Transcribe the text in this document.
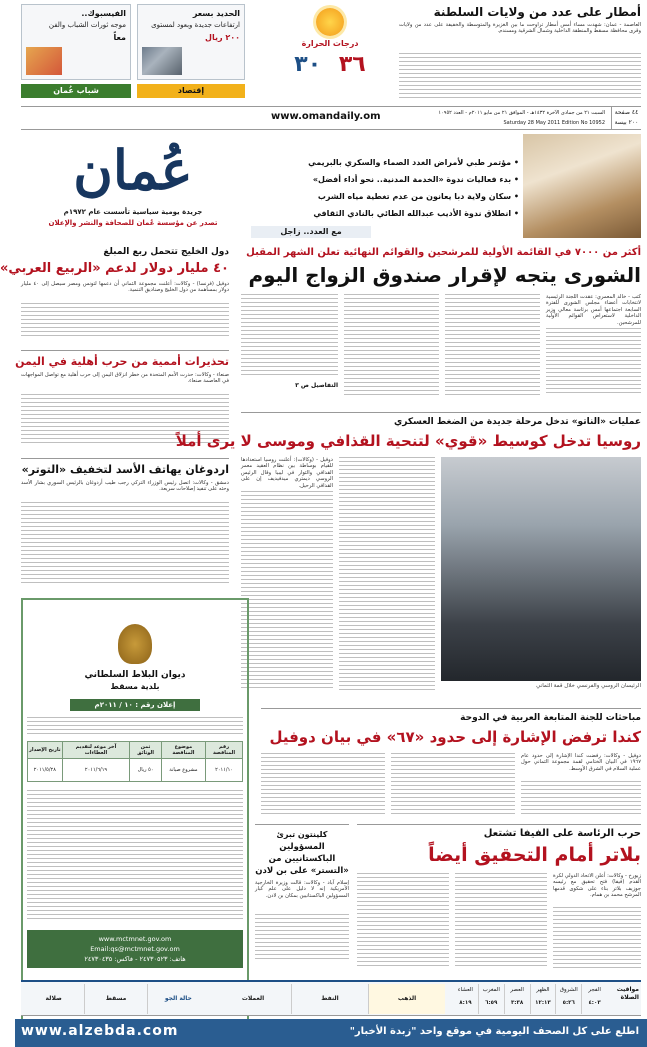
أمطار على عدد من ولايات السلطنة
العاصمة - عمان: شهدت مساء أمس أمطار تراوحت ما بين الغزيرة والمتوسطة والخفيفة على عدد من ولايات وقرى محافظة مسقط والمنطقة الداخلية وشمال الشرقية ومسندم.
درجات الحرارة
٣٦ ٣٠
الحديد بسعر
ارتفاعات جديدة وبعود لمستوى
٢٠٠ ريال
الفيسبوك..
موجه ثورات الشباب والفن
معاً
إقتصاد
شباب عُمان
٤٤ صفحة
٢٠٠ بيسة
السبت ٢١ من جمادى الآخرة ١٤٣٢هـ - الموافق ٢١ من مايو ٢٠١١م - العدد ١٠٩٥٢
Saturday 28 May 2011 Edition No 10952
www.omandaily.om
عُمان
جريدة يومية سياسية تأسست عام ١٩٧٢م
تصدر عن مؤسسة عُمان للصحافة والنشر والإعلان
• مؤتمر طبي لأمراض الغدد الصماء والسكري بالبريمي
• بدء فعاليات ندوة «الخدمة المدنية.. نحو أداء أفضل»
• سكان ولاية دبا يعانون من عدم تغطية مياه الشرب
• انطلاق ندوة الأديب عبدالله الطائي بالنادي الثقافي
مع العدد.. زاجل
أكثر من ٧٠٠٠ في القائمة الأولية للمرشحين والقوائم النهائية تعلن الشهر المقبل
الشورى يتجه لإقرار صندوق الزواج اليوم
كتب - خالد المعمري: عقدت اللجنة الرئيسية لانتخابات أعضاء مجلس الشورى للفترة السابعة اجتماعها أمس برئاسة معالي وزير الداخلية لاستعراض القوائم الأولية للمرشحين.
التفاصيل ص ٣
دول الخليج تتحمل ربع المبلغ
٤٠ مليار دولار لدعم «الربيع العربي»
دوفيل (فرنسا) - وكالات: أعلنت مجموعة الثماني أن دعمها لتونس ومصر سيصل إلى ٤٠ مليار دولار بمساهمة من دول الخليج وصناديق التنمية.
تحذيرات أممية من حرب أهلية في اليمن
صنعاء - وكالات: حذرت الأمم المتحدة من خطر انزلاق اليمن إلى حرب أهلية مع تواصل المواجهات في العاصمة صنعاء.
اردوغان يهاتف الأسد لتخفيف «التوتر»
دمشق - وكالات: اتصل رئيس الوزراء التركي رجب طيب أردوغان بالرئيس السوري بشار الأسد وحثه على تنفيذ إصلاحات سريعة.
عمليات «الناتو» تدخل مرحلة جديدة من الضغط العسكري
روسيا تدخل كوسيط «قوي» لتنحية القذافي وموسى لا يرى أملاً
الرئيسان الروسي والفرنسي خلال قمة الثماني
دوفيل - (وكالات): أعلنت روسيا استعدادها للقيام بوساطة بين نظام العقيد معمر القذافي والثوار في ليبيا وقال الرئيس الروسي ديمتري ميدفيديف إن على القذافي الرحيل.
ديوان البلاط السلطاني
بلدية مسقط
إعلان رقم : ١٠ / ٢٠١١م
رقم المناقصة	موضوع المناقصة	ثمن الوثائق	آخر موعد لتقديم العطاءات	تاريخ الإصدار
٢٠١١/١٠	مشروع صيانة	٥٠ ريال	٢٠١١/٦/١٩	٢٠١١/٥/٢٨
www.mctmnet.gov.om
Email:qs@mctmnet.gov.om
هاتف: ٢٤٧٣٠٥٢٣ - فاكس: ٢٤٧٣٠٤٣٥
مباحثات للجنة المتابعة العربية في الدوحة
كندا ترفض الإشارة إلى حدود «٦٧» في بيان دوفيل
دوفيل - وكالات: رفضت كندا الإشارة إلى حدود عام ١٩٦٧ في البيان الختامي لقمة مجموعة الثماني حول عملية السلام في الشرق الأوسط.
حرب الرئاسة على الفيفا تشتعل
بلاتر أمام التحقيق أيضاً
زيورخ - وكالات: أعلن الاتحاد الدولي لكرة القدم (فيفا) فتح تحقيق مع رئيسه جوزيف بلاتر بناء على شكوى قدمها المرشح محمد بن همام.
كلينتون تبرئ
المسؤولين الباكستانيين من «التستر» على بن لادن
إسلام آباد - وكالات: قالت وزيرة الخارجية الأمريكية إنه لا دليل على علم كبار المسؤولين الباكستانيين بمكان بن لادن.
مواقيت الصلاة
الفجر
٤:٠٣
الشروق
٥:٢٦
الظهر
١٢:١٣
العصر
٣:٣٨
المغرب
٦:٥٩
العشاء
٨:١٩
الذهب
النفط
العملات
حالة الجو
مسقط
صلالة
www.alzebda.com	اطلع على كل الصحف اليومية في موقع واحد "زبدة الأخبار"
